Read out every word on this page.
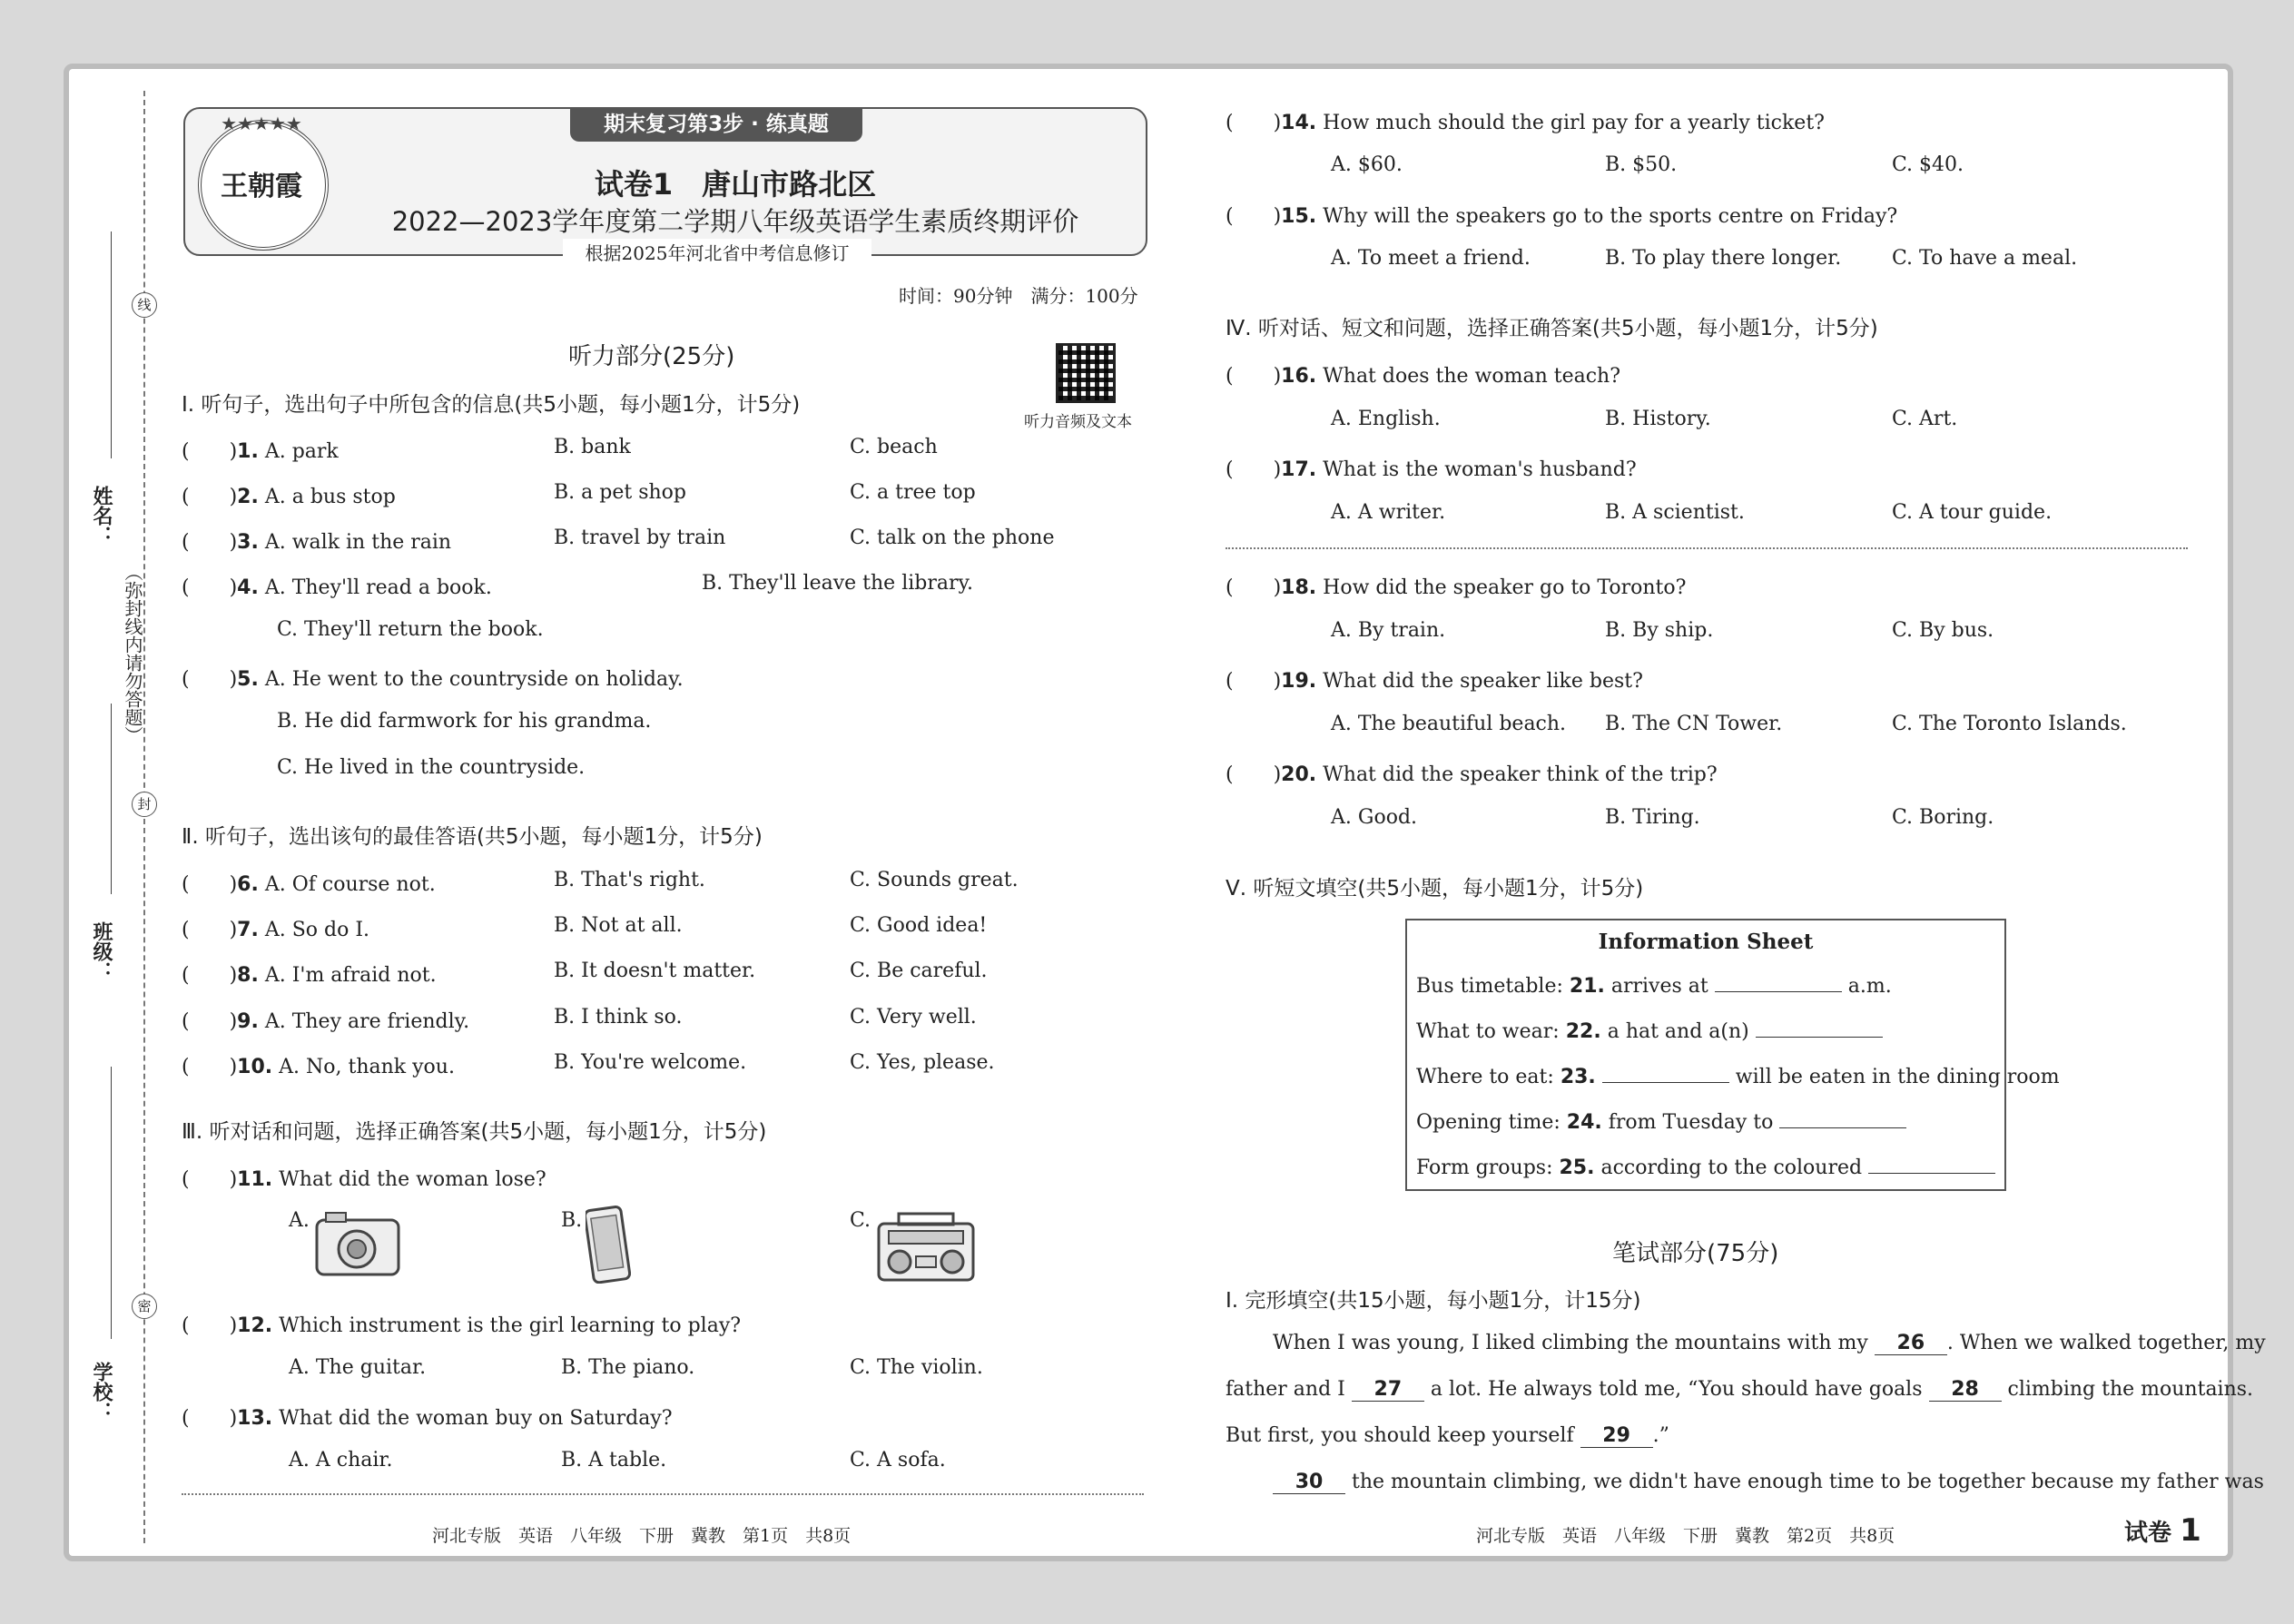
线
封
密
（弥封线内请勿答题）
姓名：
班级：
学校：
期末复习第3步 · 练真题
★★★★★
王朝霞	试卷1　唐山市路北区
2022—2023学年度第二学期八年级英语学生素质终期评价
根据2025年河北省中考信息修订
时间：90分钟　满分：100分
听力音频及文本
听力部分(25分)
Ⅰ. 听句子，选出句子中所包含的信息(共5小题，每小题1分，计5分)
(　　)1. A. park	B. bank	C. beach
(　　)2. A. a bus stop	B. a pet shop	C. a tree top
(　　)3. A. walk in the rain	B. travel by train	C. talk on the phone
(　　)4. A. They'll read a book.	B. They'll leave the library.
C. They'll return the book.
(　　)5. A. He went to the countryside on holiday.
B. He did farmwork for his grandma.
C. He lived in the countryside.
Ⅱ. 听句子，选出该句的最佳答语(共5小题，每小题1分，计5分)
(　　)6. A. Of course not.	B. That's right.	C. Sounds great.
(　　)7. A. So do I.	B. Not at all.	C. Good idea!
(　　)8. A. I'm afraid not.	B. It doesn't matter.	C. Be careful.
(　　)9. A. They are friendly.	B. I think so.	C. Very well.
(　　)10. A. No, thank you.	B. You're welcome.	C. Yes, please.
Ⅲ. 听对话和问题，选择正确答案(共5小题，每小题1分，计5分)
(　　)11. What did the woman lose?
A.	B.	C.
(　　)12. Which instrument is the girl learning to play?
A. The guitar.	B. The piano.	C. The violin.
(　　)13. What did the woman buy on Saturday?
A. A chair.	B. A table.	C. A sofa.
河北专版　英语　八年级　下册　冀教　第1页　共8页
(　　)14. How much should the girl pay for a yearly ticket?
A. $60.	B. $50.	C. $40.
(　　)15. Why will the speakers go to the sports centre on Friday?
A. To meet a friend.	B. To play there longer.	C. To have a meal.
Ⅳ. 听对话、短文和问题，选择正确答案(共5小题，每小题1分，计5分)
(　　)16. What does the woman teach?
A. English.	B. History.	C. Art.
(　　)17. What is the woman's husband?
A. A writer.	B. A scientist.	C. A tour guide.
(　　)18. How did the speaker go to Toronto?
A. By train.	B. By ship.	C. By bus.
(　　)19. What did the speaker like best?
A. The beautiful beach. B. The CN Tower.	C. The Toronto Islands.
(　　)20. What did the speaker think of the trip?
A. Good.	B. Tiring.	C. Boring.
Ⅴ. 听短文填空(共5小题，每小题1分，计5分)
Information Sheet
Bus timetable: 21. arrives at	a.m.
What to wear: 22. a hat and a(n)
Where to eat: 23.	will be eaten in the dining room
Opening time: 24. from Tuesday to
Form groups: 25. according to the coloured
笔试部分(75分)
Ⅰ. 完形填空(共15小题，每小题1分，计15分)
When I was young, I liked climbing the mountains with my 26 . When we walked together, my
father and I 27 a lot. He always told me, “You should have goals 28 climbing the mountains.
But first, you should keep yourself 29 .”
30 the mountain climbing, we didn't have enough time to be together because my father was
河北专版　英语　八年级　下册　冀教　第2页　共8页	试卷 1
